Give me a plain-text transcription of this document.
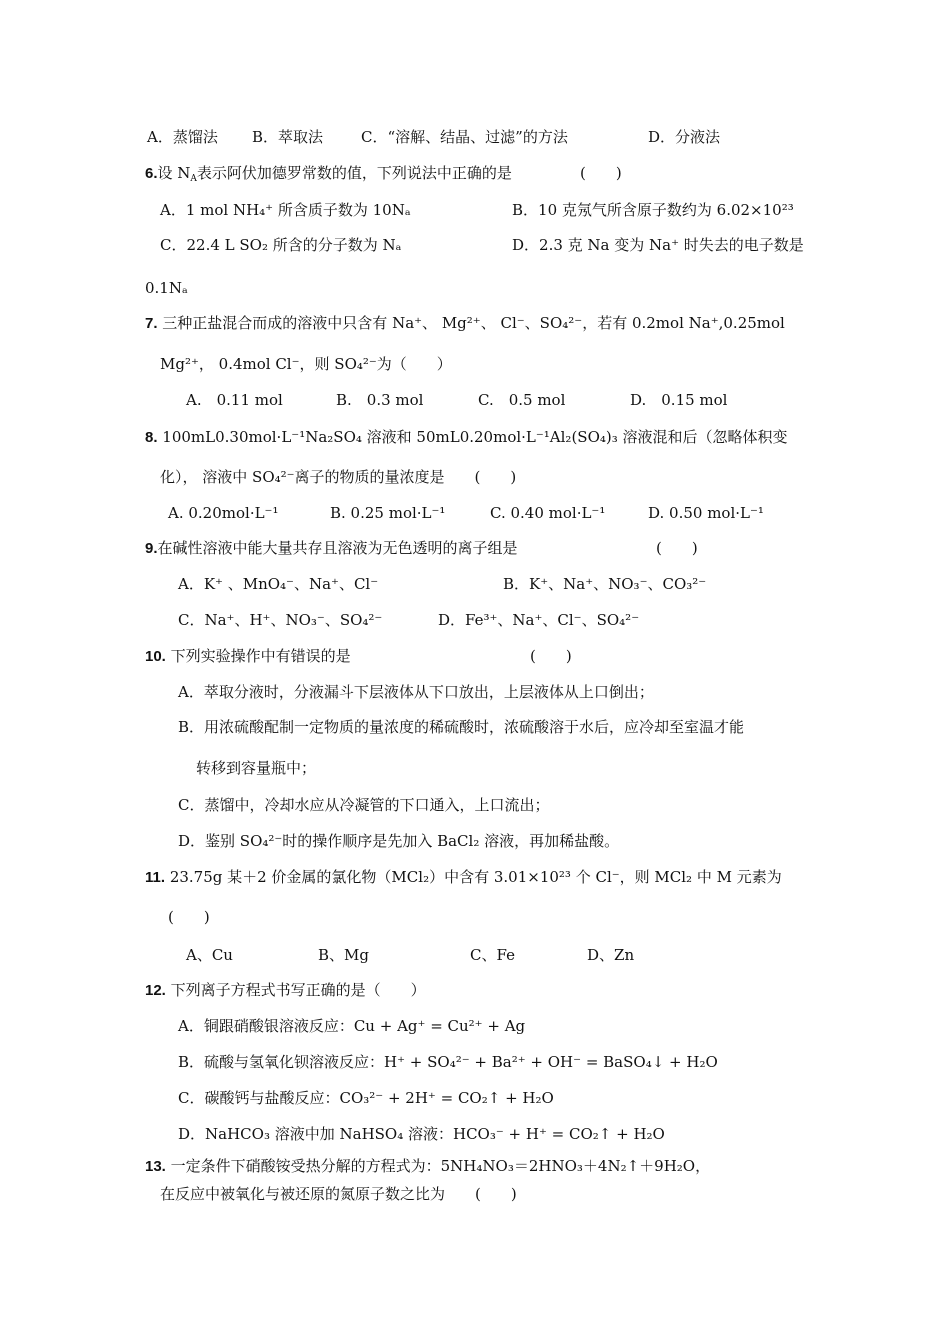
A．蒸馏法 B．萃取法	C．“溶解、结晶、过滤”的方法	D．分液法
6.设 $N_A$表示阿伏加德罗常数的值，下列说法中正确的是	(　　)
A．1 mol NH₄⁺ 所含质子数为 10Nₐ	B．10 克氖气所含原子数约为 6.02×10²³
C．22.4 L SO₂ 所含的分子数为 Nₐ	D．2.3 克 Na 变为 Na⁺ 时失去的电子数是
0.1Nₐ
7. 三种正盐混合而成的溶液中只含有 Na⁺、 Mg²⁺、 Cl⁻、SO₄²⁻，若有 0.2mol Na⁺,0.25mol
Mg²⁺， 0.4mol Cl⁻，则 SO₄²⁻为（　　）
A.　0.11 mol	B.　0.3 mol	C.　0.5 mol	D.　0.15 mol
8. 100mL0.30mol·L⁻¹Na₂SO₄ 溶液和 50mL0.20mol·L⁻¹Al₂(SO₄)₃ 溶液混和后（忽略体积变
化）， 溶液中 SO₄²⁻离子的物质的量浓度是　　(　　)
A. 0.20mol·L⁻¹	B. 0.25 mol·L⁻¹	C. 0.40 mol·L⁻¹	D. 0.50 mol·L⁻¹
9.在碱性溶液中能大量共存且溶液为无色透明的离子组是	(　　)
A．K⁺ 、MnO₄⁻、Na⁺、Cl⁻	B．K⁺、Na⁺、NO₃⁻、CO₃²⁻
C．Na⁺、H⁺、NO₃⁻、SO₄²⁻	D．Fe³⁺、Na⁺、Cl⁻、SO₄²⁻
10. 下列实验操作中有错误的是	(　　)
A．萃取分液时，分液漏斗下层液体从下口放出，上层液体从上口倒出；
B．用浓硫酸配制一定物质的量浓度的稀硫酸时，浓硫酸溶于水后，应冷却至室温才能
转移到容量瓶中；
C．蒸馏中，冷却水应从冷凝管的下口通入，上口流出；
D．鉴别 SO₄²⁻时的操作顺序是先加入 BaCl₂ 溶液，再加稀盐酸。
11. 23.75g 某＋2 价金属的氯化物（MCl₂）中含有 3.01×10²³ 个 Cl⁻，则 MCl₂ 中 M 元素为
(　　)
A、Cu	B、Mg	C、Fe	D、Zn
12. 下列离子方程式书写正确的是（　　）
A．铜跟硝酸银溶液反应：Cu + Ag⁺ = Cu²⁺ + Ag
B．硫酸与氢氧化钡溶液反应：H⁺ + SO₄²⁻ + Ba²⁺ + OH⁻ = BaSO₄↓ + H₂O
C．碳酸钙与盐酸反应：CO₃²⁻ + 2H⁺ = CO₂↑ + H₂O
D．NaHCO₃ 溶液中加 NaHSO₄ 溶液：HCO₃⁻ + H⁺ = CO₂↑ + H₂O
13. 一定条件下硝酸铵受热分解的方程式为：5NH₄NO₃＝2HNO₃＋4N₂↑＋9H₂O，
在反应中被氧化与被还原的氮原子数之比为　　(　　)
